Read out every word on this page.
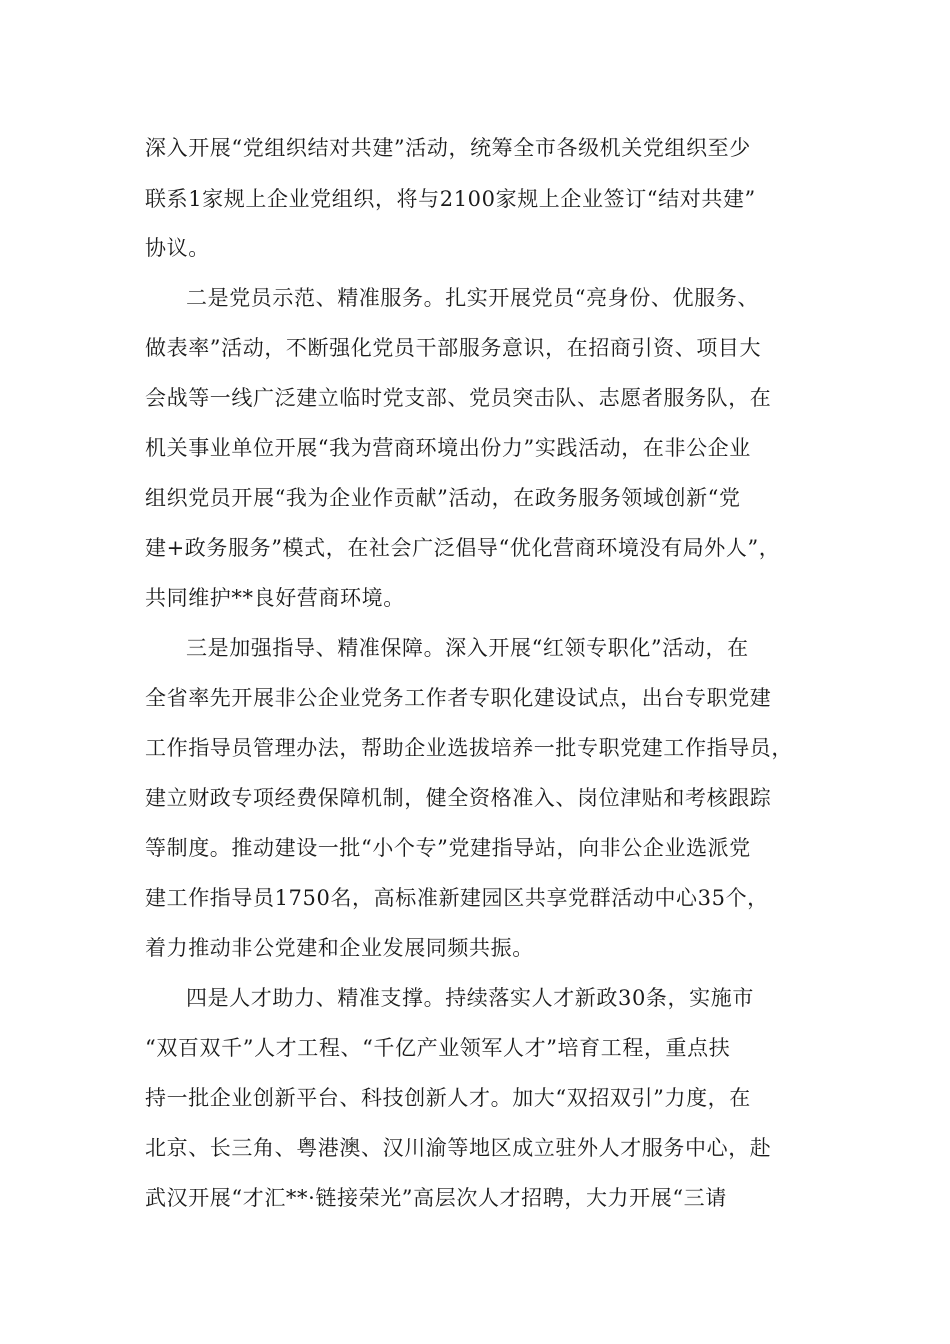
深入开展“党组织结对共建”活动，统筹全市各级机关党组织至少
联系1家规上企业党组织，将与2100家规上企业签订“结对共建”
协议。
二是党员示范、精准服务。扎实开展党员“亮身份、优服务、
做表率”活动，不断强化党员干部服务意识，在招商引资、项目大
会战等一线广泛建立临时党支部、党员突击队、志愿者服务队，在
机关事业单位开展“我为营商环境出份力”实践活动，在非公企业
组织党员开展“我为企业作贡献”活动，在政务服务领域创新“党
建+政务服务”模式，在社会广泛倡导“优化营商环境没有局外人”，
共同维护**良好营商环境。
三是加强指导、精准保障。深入开展“红领专职化”活动，在
全省率先开展非公企业党务工作者专职化建设试点，出台专职党建
工作指导员管理办法，帮助企业选拔培养一批专职党建工作指导员，
建立财政专项经费保障机制，健全资格准入、岗位津贴和考核跟踪
等制度。推动建设一批“小个专”党建指导站，向非公企业选派党
建工作指导员1750名，高标准新建园区共享党群活动中心35个，
着力推动非公党建和企业发展同频共振。
四是人才助力、精准支撑。持续落实人才新政30条，实施市
“双百双千”人才工程、“千亿产业领军人才”培育工程，重点扶
持一批企业创新平台、科技创新人才。加大“双招双引”力度，在
北京、长三角、粤港澳、汉川渝等地区成立驻外人才服务中心，赴
武汉开展“才汇**·链接荣光”高层次人才招聘，大力开展“三请
